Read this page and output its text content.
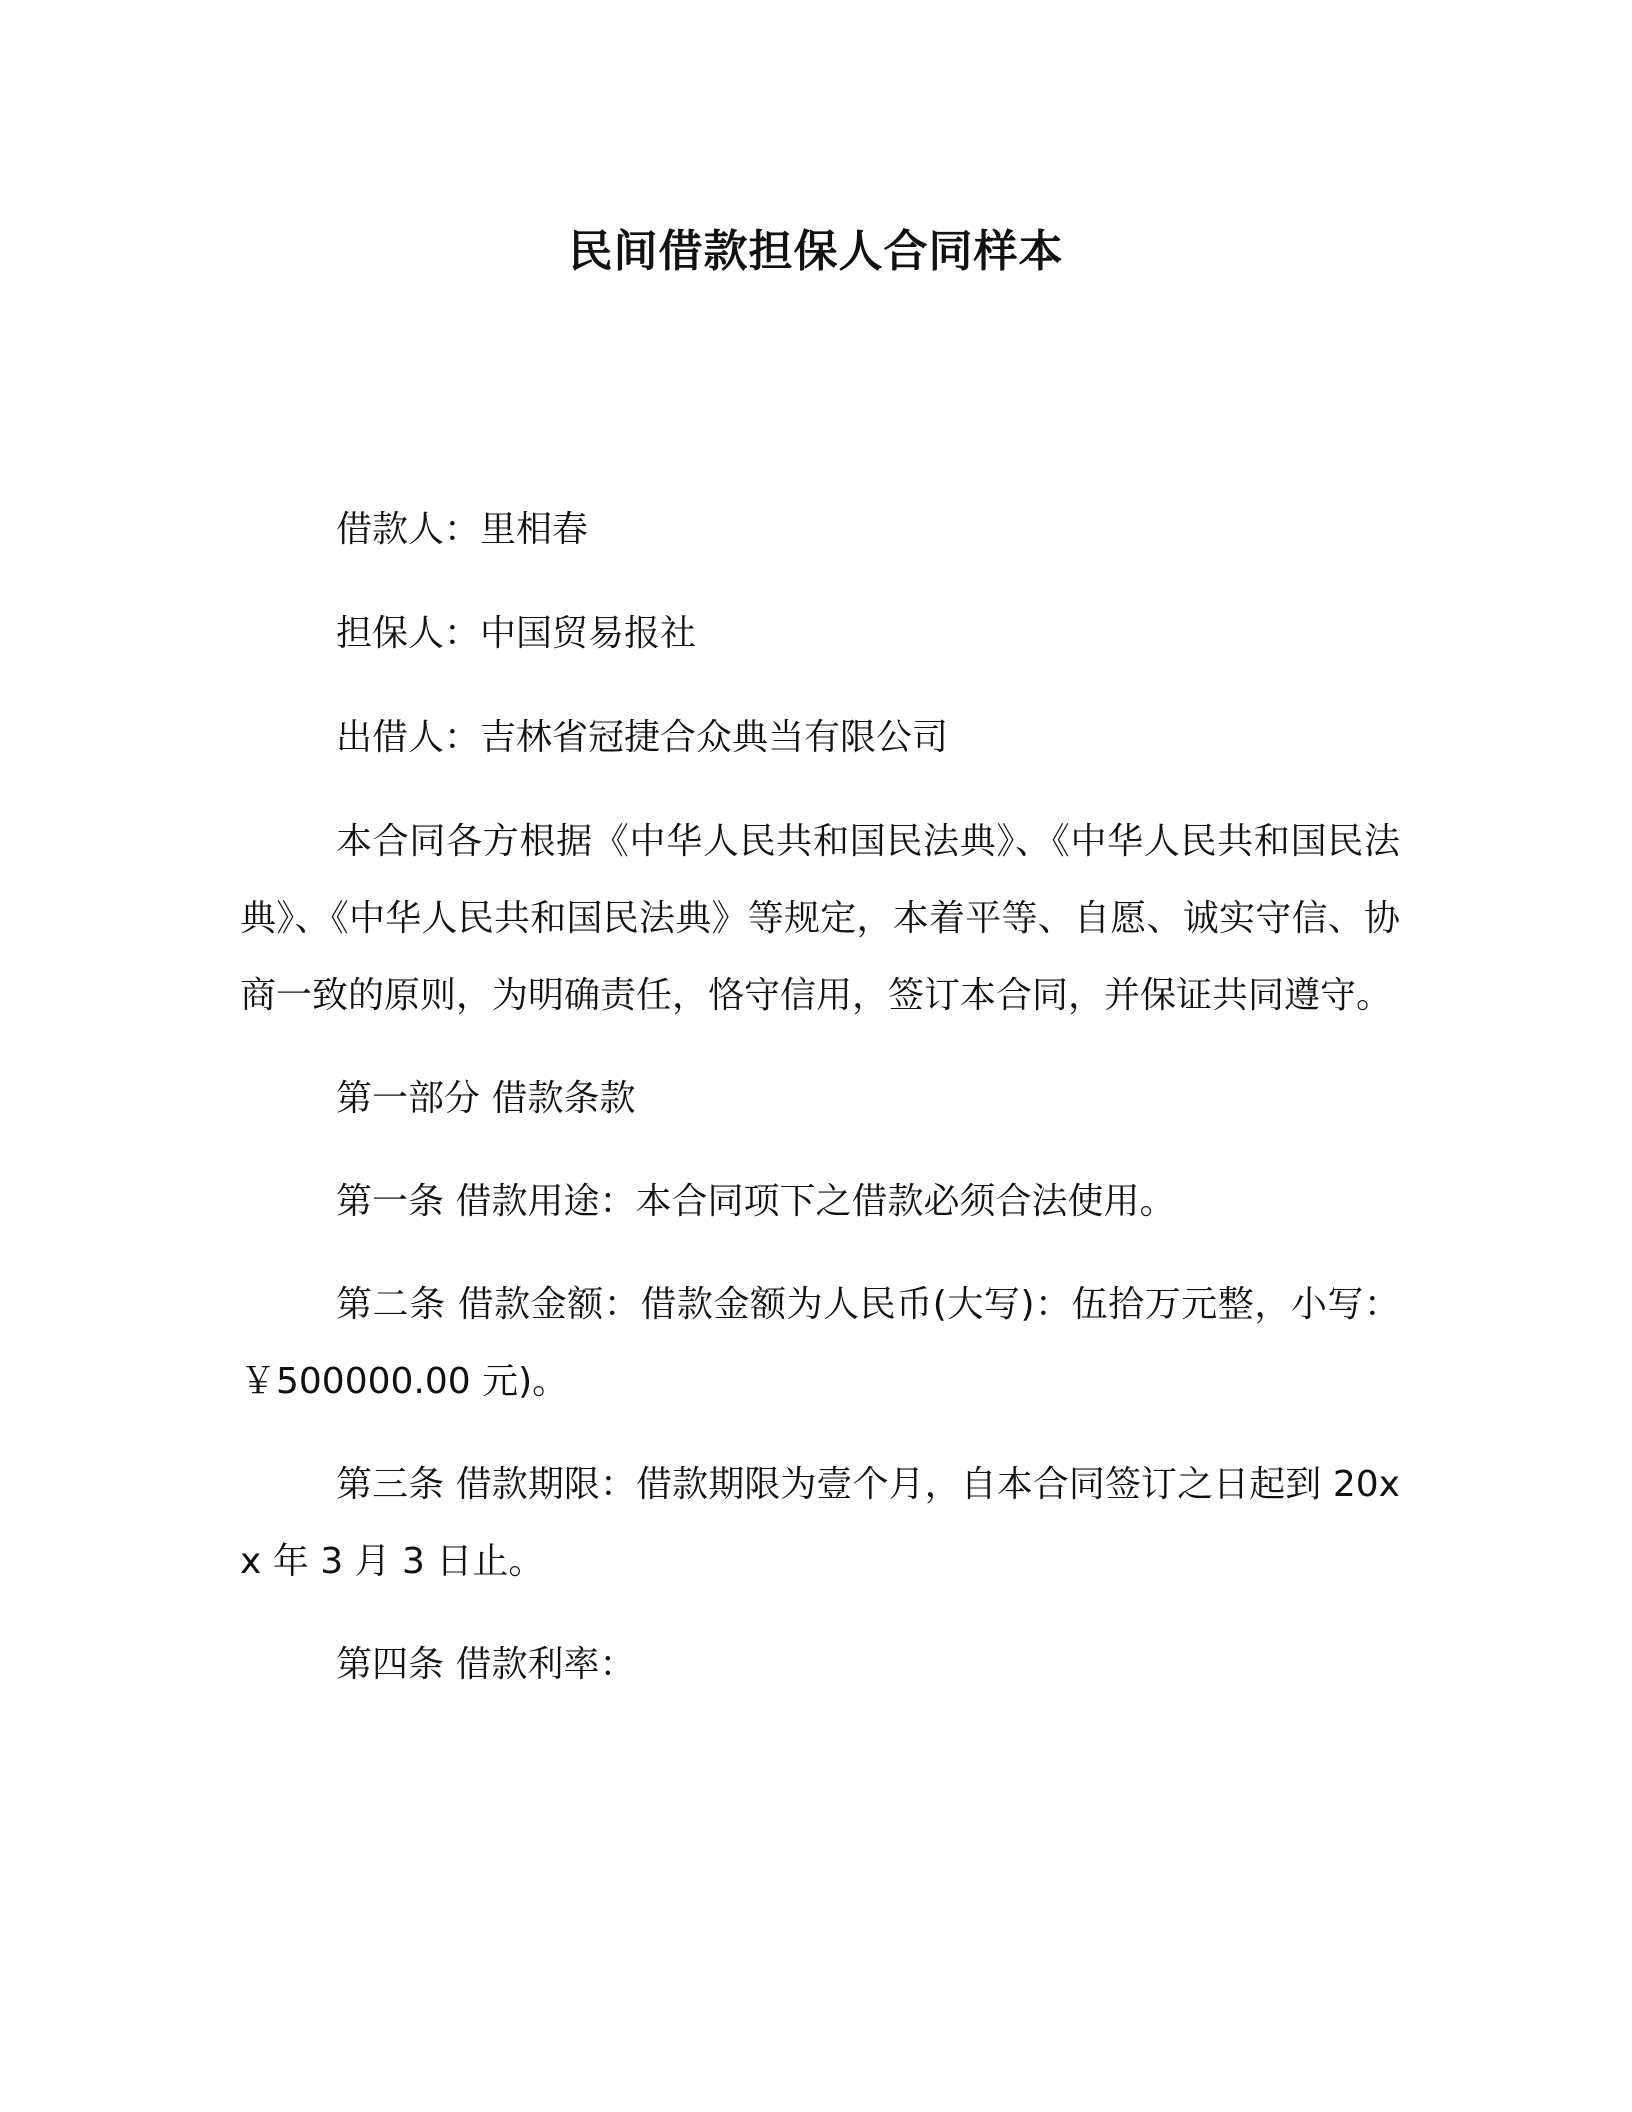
民间借款担保人合同样本

借款人：里相春

担保人：中国贸易报社

出借人：吉林省冠捷合众典当有限公司

本合同各方根据《中华人民共和国民法典》、《中华人民共和国民法典》、《中华人民共和国民法典》等规定，本着平等、自愿、诚实守信、协商一致的原则，为明确责任，恪守信用，签订本合同，并保证共同遵守。

第一部分 借款条款

第一条 借款用途：本合同项下之借款必须合法使用。

第二条 借款金额：借款金额为人民币(大写)：伍拾万元整，小写：￥500000.00 元)。

第三条 借款期限：借款期限为壹个月，自本合同签订之日起到 20xx 年 3 月 3 日止。

第四条 借款利率：
